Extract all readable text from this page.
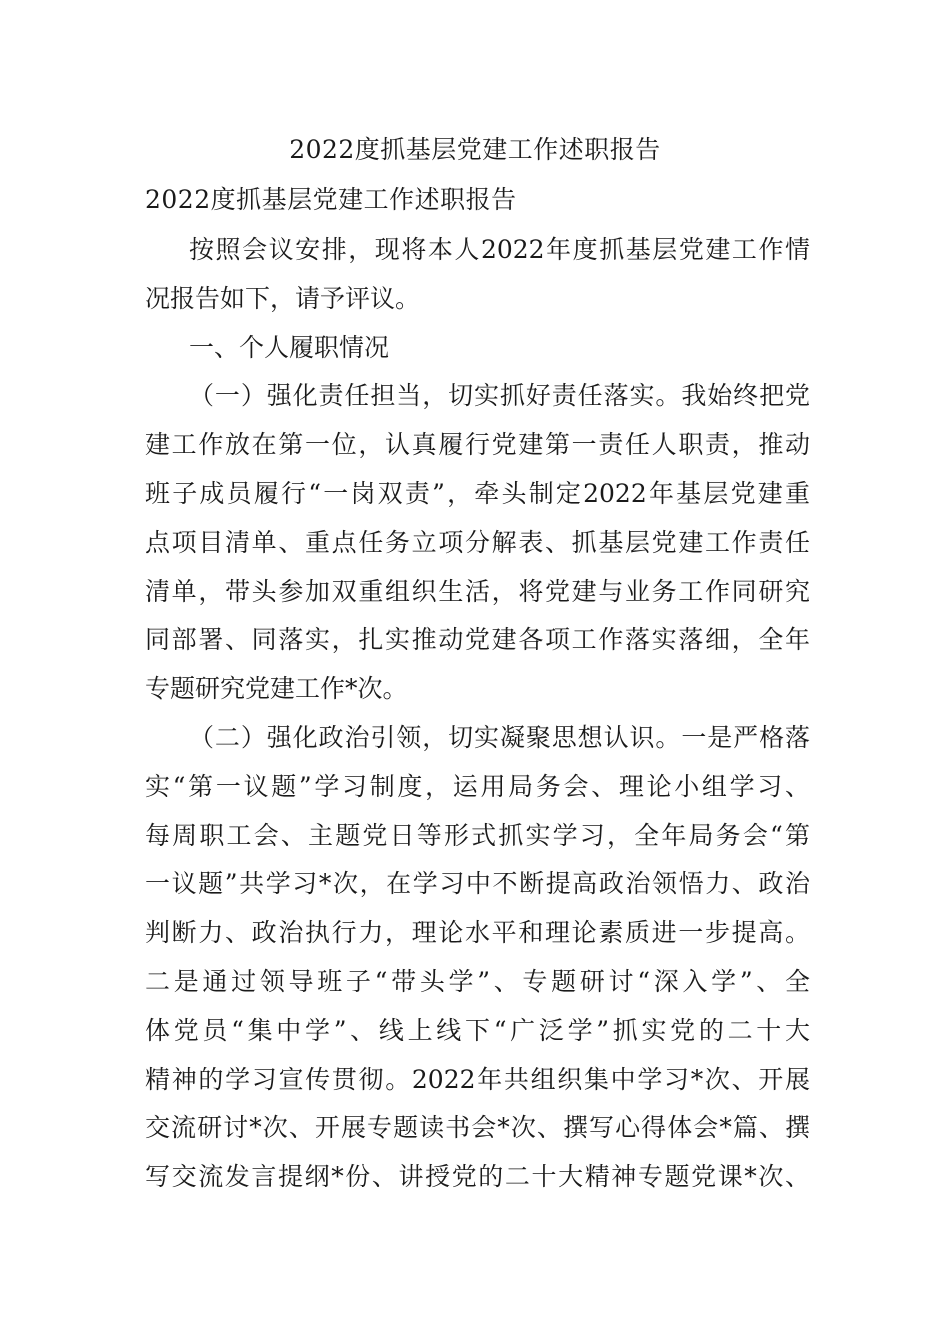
2022度抓基层党建工作述职报告
2022度抓基层党建工作述职报告
按照会议安排，现将本人2022年度抓基层党建工作情
况报告如下，请予评议。
一、个人履职情况
（一）强化责任担当，切实抓好责任落实。我始终把党
建工作放在第一位，认真履行党建第一责任人职责，推动
班子成员履行“一岗双责”，牵头制定2022年基层党建重
点项目清单、重点任务立项分解表、抓基层党建工作责任
清单，带头参加双重组织生活，将党建与业务工作同研究
同部署、同落实，扎实推动党建各项工作落实落细，全年
专题研究党建工作*次。
（二）强化政治引领，切实凝聚思想认识。一是严格落
实“第一议题”学习制度，运用局务会、理论小组学习、
每周职工会、主题党日等形式抓实学习，全年局务会“第
一议题”共学习*次，在学习中不断提高政治领悟力、政治
判断力、政治执行力，理论水平和理论素质进一步提高。
二是通过领导班子“带头学”、专题研讨“深入学”、全
体党员“集中学”、线上线下“广泛学”抓实党的二十大
精神的学习宣传贯彻。2022年共组织集中学习*次、开展
交流研讨*次、开展专题读书会*次、撰写心得体会*篇、撰
写交流发言提纲*份、讲授党的二十大精神专题党课*次、
